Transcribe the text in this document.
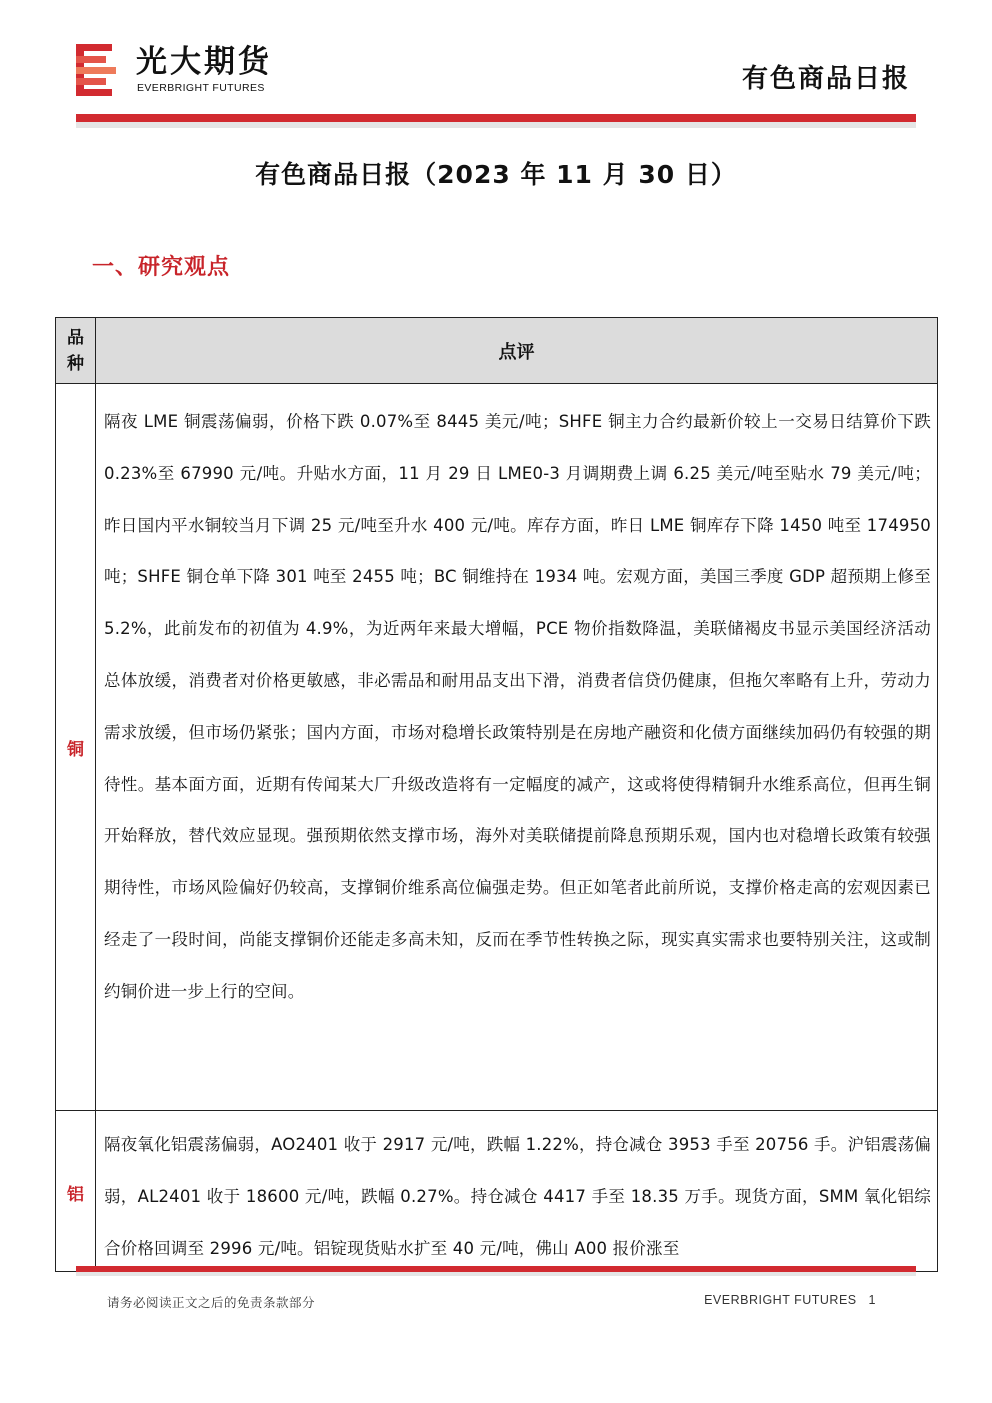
光大期货
EVERBRIGHT FUTURES	有色商品日报
有色商品日报（2023 年 11 月 30 日）
一、研究观点
品种
点评
铜
隔夜 LME 铜震荡偏弱，价格下跌 0.07%至 8445 美元/吨；SHFE 铜主力合约最新价较上一交易日结算价下跌 0.23%至 67990 元/吨。升贴水方面，11 月 29 日 LME0-3 月调期费上调 6.25 美元/吨至贴水 79 美元/吨；昨日国内平水铜较当月下调 25 元/吨至升水 400 元/吨。库存方面，昨日 LME 铜库存下降 1450 吨至 174950 吨；SHFE 铜仓单下降 301 吨至 2455 吨；BC 铜维持在 1934 吨。宏观方面，美国三季度 GDP 超预期上修至 5.2%，此前发布的初值为 4.9%，为近两年来最大增幅，PCE 物价指数降温，美联储褐皮书显示美国经济活动总体放缓，消费者对价格更敏感，非必需品和耐用品支出下滑，消费者信贷仍健康，但拖欠率略有上升，劳动力需求放缓，但市场仍紧张；国内方面，市场对稳增长政策特别是在房地产融资和化债方面继续加码仍有较强的期待性。基本面方面，近期有传闻某大厂升级改造将有一定幅度的减产，这或将使得精铜升水维系高位，但再生铜开始释放，替代效应显现。强预期依然支撑市场，海外对美联储提前降息预期乐观，国内也对稳增长政策有较强期待性，市场风险偏好仍较高，支撑铜价维系高位偏强走势。但正如笔者此前所说，支撑价格走高的宏观因素已经走了一段时间，尚能支撑铜价还能走多高未知，反而在季节性转换之际，现实真实需求也要特别关注，这或制约铜价进一步上行的空间。
铝
隔夜氧化铝震荡偏弱，AO2401 收于 2917 元/吨，跌幅 1.22%，持仓减仓 3953 手至 20756 手。沪铝震荡偏弱，AL2401 收于 18600 元/吨，跌幅 0.27%。持仓减仓 4417 手至 18.35 万手。现货方面，SMM 氧化铝综合价格回调至 2996 元/吨。铝锭现货贴水扩至 40 元/吨，佛山 A00 报价涨至
请务必阅读正文之后的免责条款部分	EVERBRIGHT FUTURES 1
